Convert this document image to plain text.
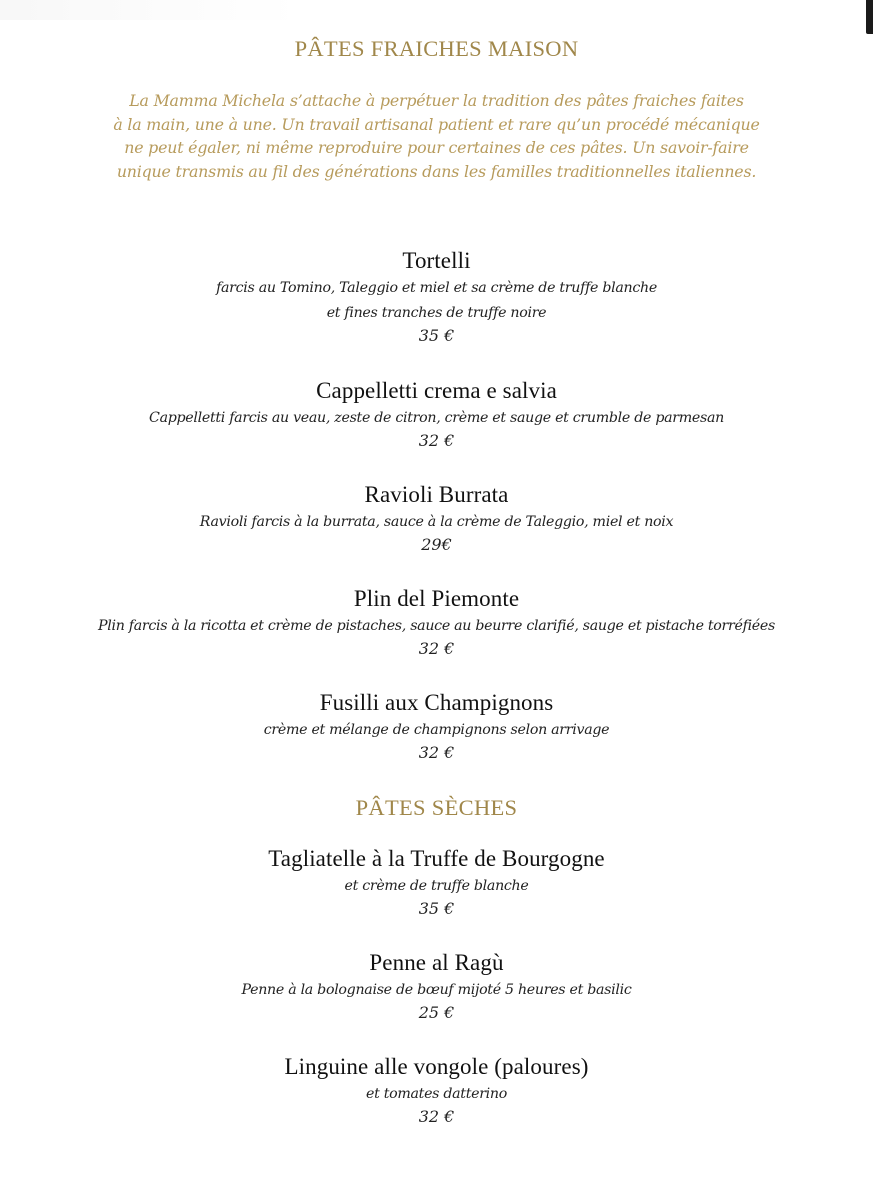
PÂTES FRAICHES MAISON
La Mamma Michela s’attache à perpétuer la tradition des pâtes fraiches faites
à la main, une à une. Un travail artisanal patient et rare qu’un procédé mécanique
ne peut égaler, ni même reproduire pour certaines de ces pâtes. Un savoir-faire
unique transmis au fil des générations dans les familles traditionnelles italiennes.
Tortelli
farcis au Tomino, Taleggio et miel et sa crème de truffe blanche
et fines tranches de truffe noire
35 €
Cappelletti crema e salvia
Cappelletti farcis au veau, zeste de citron, crème et sauge et crumble de parmesan
32 €
Ravioli Burrata
Ravioli farcis à la burrata, sauce à la crème de Taleggio, miel et noix
29€
Plin del Piemonte
Plin farcis à la ricotta et crème de pistaches, sauce au beurre clarifié, sauge et pistache torréfiées
32 €
Fusilli aux Champignons
crème et mélange de champignons selon arrivage
32 €
PÂTES SÈCHES
Tagliatelle à la Truffe de Bourgogne
et crème de truffe blanche
35 €
Penne al Ragù
Penne à la bolognaise de bœuf mijoté 5 heures et basilic
25 €
Linguine alle vongole (paloures)
et tomates datterino
32 €
